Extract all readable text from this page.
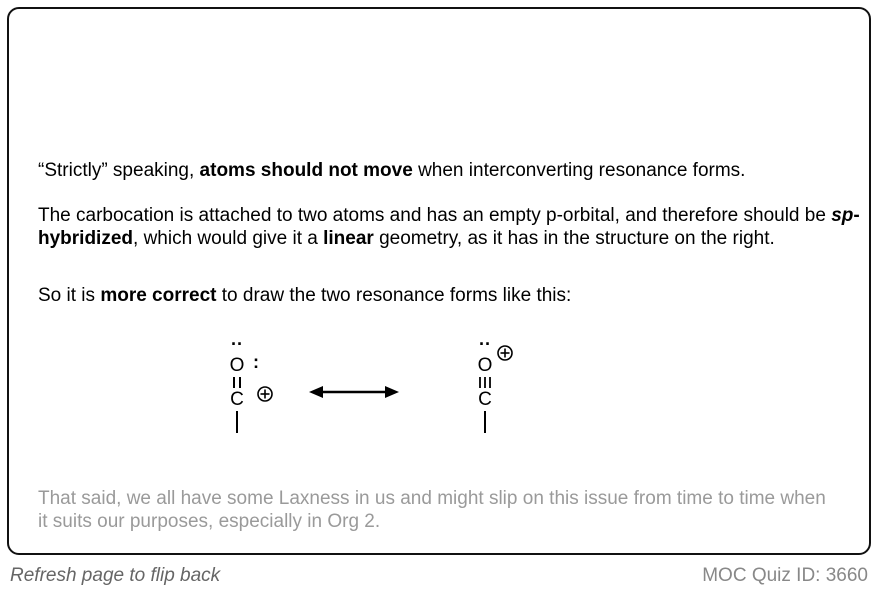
“Strictly” speaking, atoms should not move when interconverting resonance forms.

The carbocation is attached to two atoms and has an empty p-orbital, and therefore should be sp-hybridized, which would give it a linear geometry, as it has in the structure on the right.

So it is more correct to draw the two resonance forms like this:

··
O :
C
··
O
C

That said, we all have some Laxness in us and might slip on this issue from time to time when it suits our purposes, especially in Org 2.

Refresh page to flip back	MOC Quiz ID: 3660
